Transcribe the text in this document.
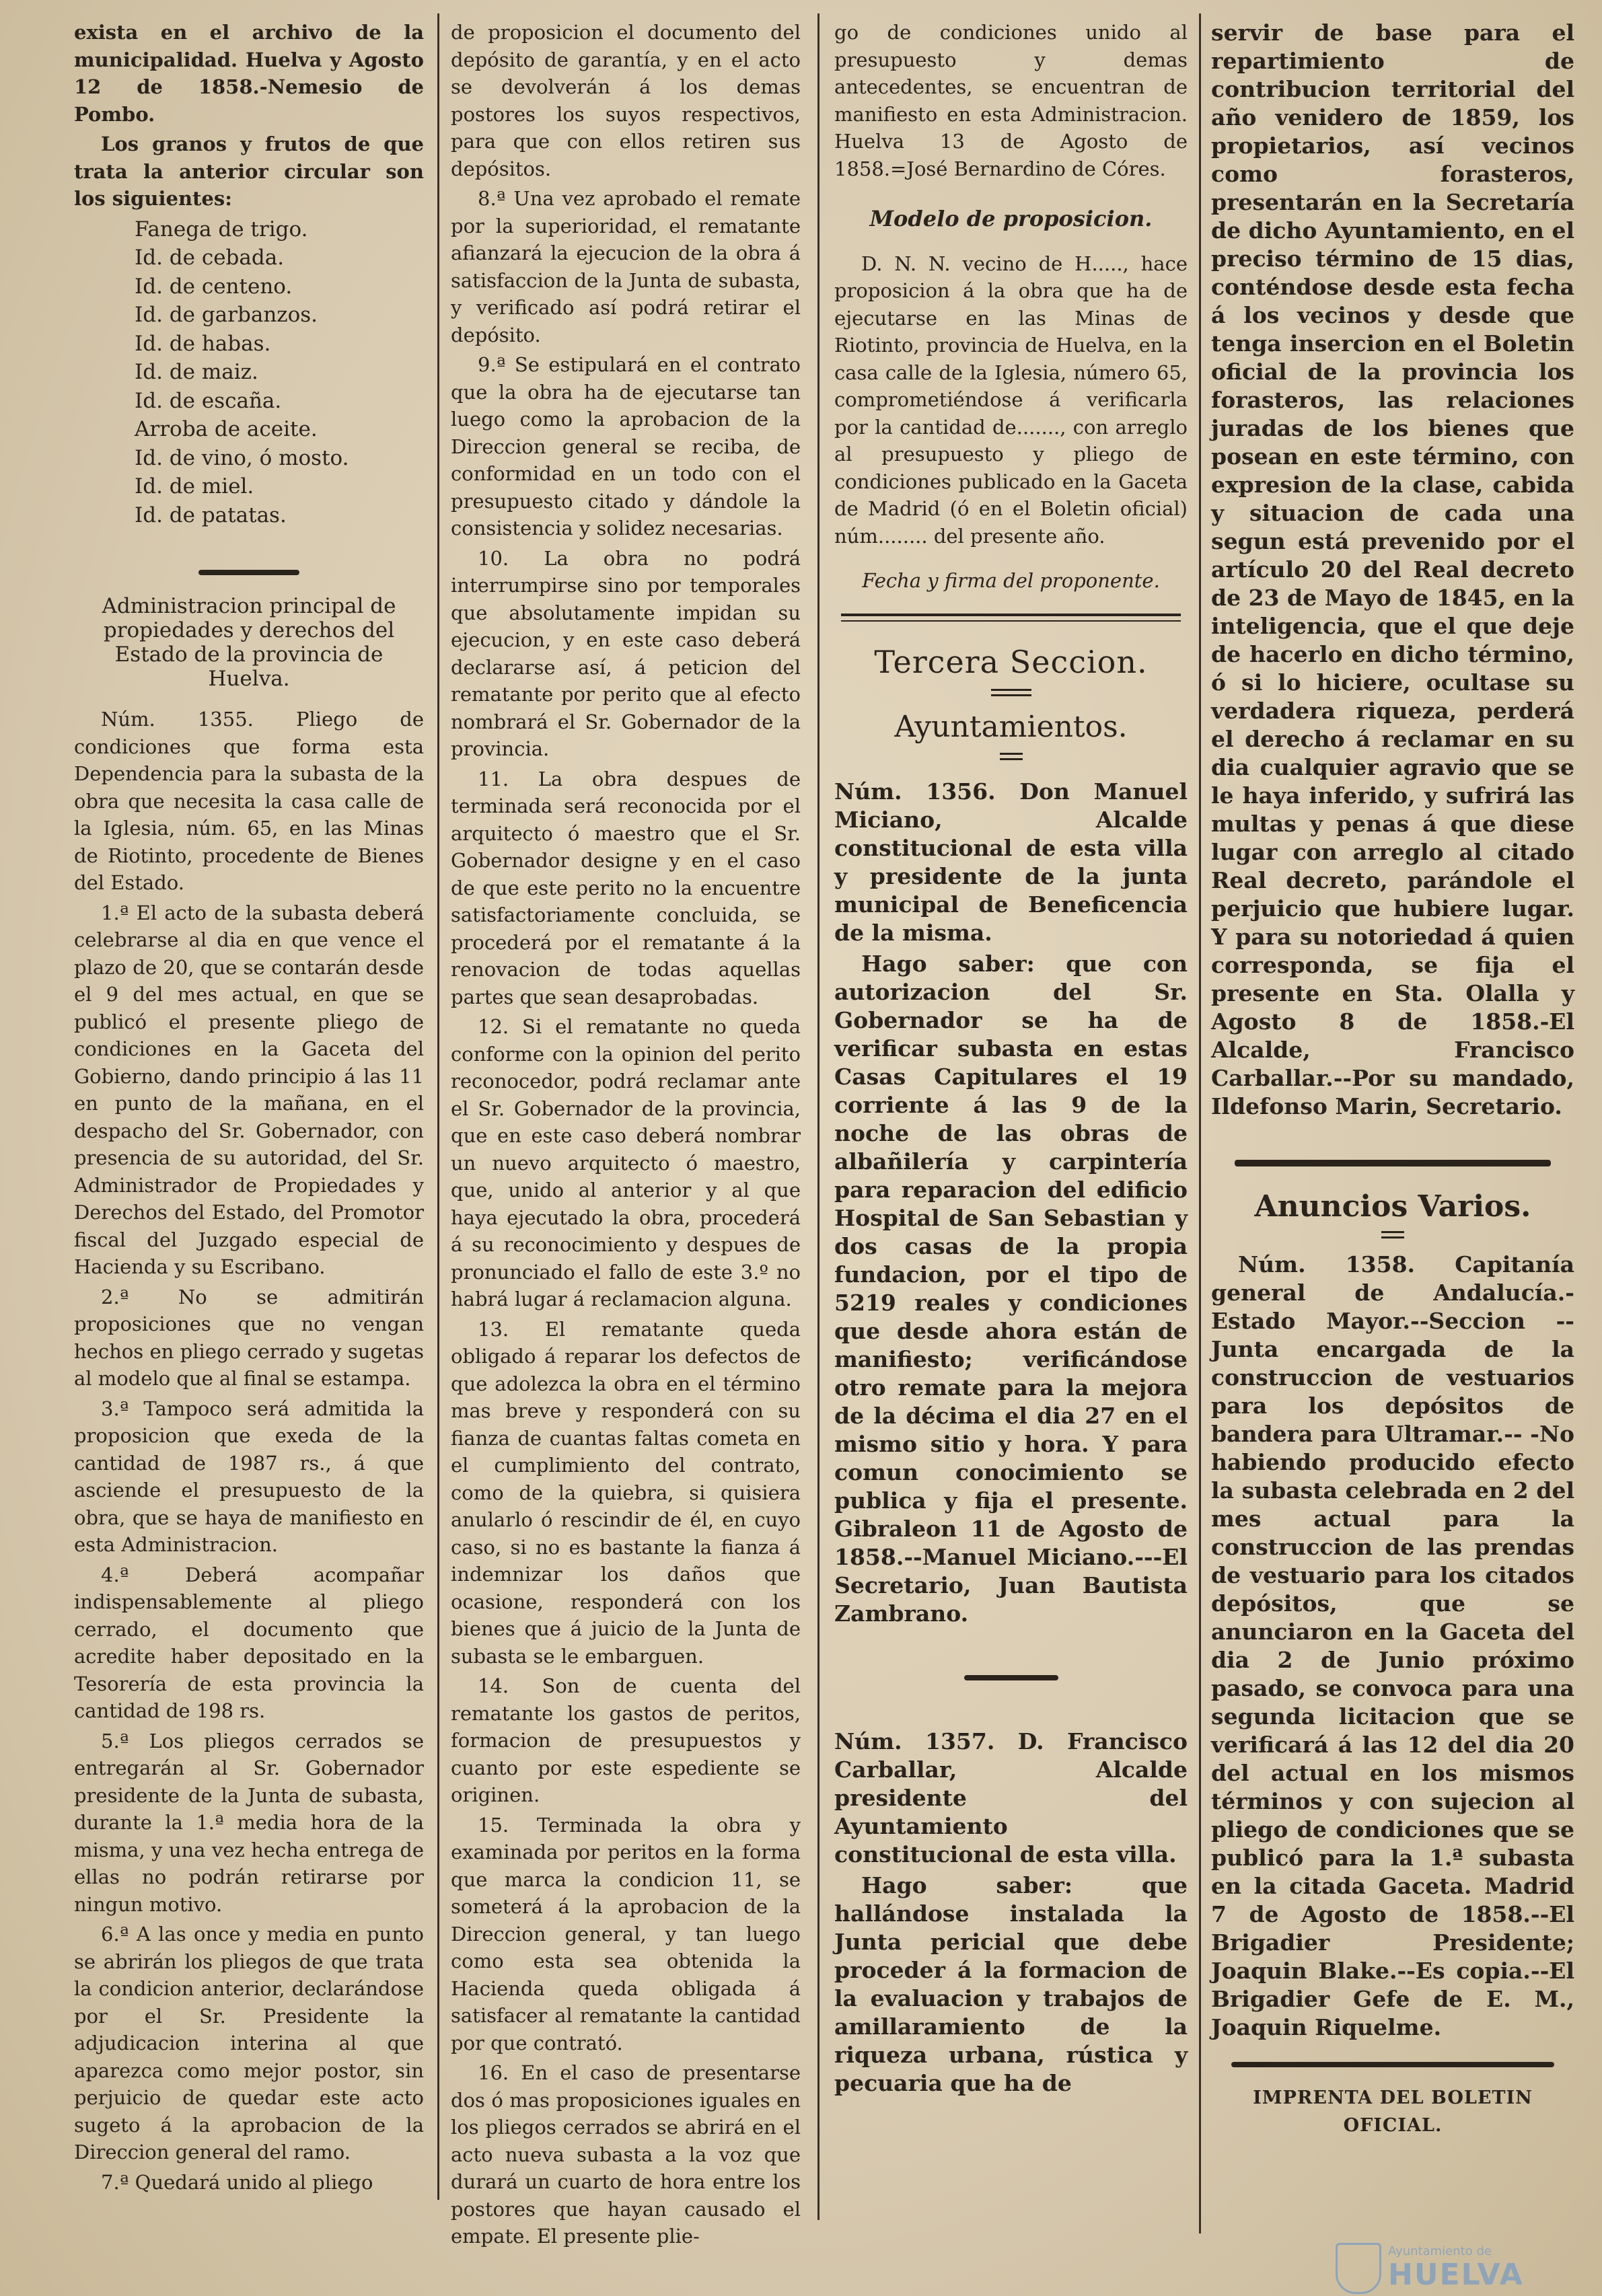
exista en el archivo de la municipalidad. Huelva y Agosto 12 de 1858.-Nemesio de Pombo.

Los granos y frutos de que trata la anterior circular son los siguientes:

Fanega de trigo.
Id. de cebada.
Id. de centeno.
Id. de garbanzos.
Id. de habas.
Id. de maiz.
Id. de escaña.
Arroba de aceite.
Id. de vino, ó mosto.
Id. de miel.
Id. de patatas.

Administracion principal de propiedades y derechos del Estado de la provincia de Huelva.

Núm. 1355. Pliego de condiciones que forma esta Dependencia para la subasta de la obra que necesita la casa calle de la Iglesia, núm. 65, en las Minas de Riotinto, procedente de Bienes del Estado.

1.ª El acto de la subasta deberá celebrarse al dia en que vence el plazo de 20, que se contarán desde el 9 del mes actual, en que se publicó el presente pliego de condiciones en la Gaceta del Gobierno, dando principio á las 11 en punto de la mañana, en el despacho del Sr. Gobernador, con presencia de su autoridad, del Sr. Administrador de Propiedades y Derechos del Estado, del Promotor fiscal del Juzgado especial de Hacienda y su Escribano.

2.ª No se admitirán proposiciones que no vengan hechos en pliego cerrado y sugetas al modelo que al final se estampa.

3.ª Tampoco será admitida la proposicion que exeda de la cantidad de 1987 rs., á que asciende el presupuesto de la obra, que se haya de manifiesto en esta Administracion.

4.ª Deberá acompañar indispensablemente al pliego cerrado, el documento que acredite haber depositado en la Tesorería de esta provincia la cantidad de 198 rs.

5.ª Los pliegos cerrados se entregarán al Sr. Gobernador presidente de la Junta de subasta, durante la 1.ª media hora de la misma, y una vez hecha entrega de ellas no podrán retirarse por ningun motivo.

6.ª A las once y media en punto se abrirán los pliegos de que trata la condicion anterior, declarándose por el Sr. Presidente la adjudicacion interina al que aparezca como mejor postor, sin perjuicio de quedar este acto sugeto á la aprobacion de la Direccion general del ramo.

7.ª Quedará unido al pliego

de proposicion el documento del depósito de garantía, y en el acto se devolverán á los demas postores los suyos respectivos, para que con ellos retiren sus depósitos.

8.ª Una vez aprobado el remate por la superioridad, el rematante afianzará la ejecucion de la obra á satisfaccion de la Junta de subasta, y verificado así podrá retirar el depósito.

9.ª Se estipulará en el contrato que la obra ha de ejecutarse tan luego como la aprobacion de la Direccion general se reciba, de conformidad en un todo con el presupuesto citado y dándole la consistencia y solidez necesarias.

10. La obra no podrá interrumpirse sino por temporales que absolutamente impidan su ejecucion, y en este caso deberá declararse así, á peticion del rematante por perito que al efecto nombrará el Sr. Gobernador de la provincia.

11. La obra despues de terminada será reconocida por el arquitecto ó maestro que el Sr. Gobernador designe y en el caso de que este perito no la encuentre satisfactoriamente concluida, se procederá por el rematante á la renovacion de todas aquellas partes que sean desaprobadas.

12. Si el rematante no queda conforme con la opinion del perito reconocedor, podrá reclamar ante el Sr. Gobernador de la provincia, que en este caso deberá nombrar un nuevo arquitecto ó maestro, que, unido al anterior y al que haya ejecutado la obra, procederá á su reconocimiento y despues de pronunciado el fallo de este 3.º no habrá lugar á reclamacion alguna.

13. El rematante queda obligado á reparar los defectos de que adolezca la obra en el término mas breve y responderá con su fianza de cuantas faltas cometa en el cumplimiento del contrato, como de la quiebra, si quisiera anularlo ó rescindir de él, en cuyo caso, si no es bastante la fianza á indemnizar los daños que ocasione, responderá con los bienes que á juicio de la Junta de subasta se le embarguen.

14. Son de cuenta del rematante los gastos de peritos, formacion de presupuestos y cuanto por este espediente se originen.

15. Terminada la obra y examinada por peritos en la forma que marca la condicion 11, se someterá á la aprobacion de la Direccion general, y tan luego como esta sea obtenida la Hacienda queda obligada á satisfacer al rematante la cantidad por que contrató.

16. En el caso de presentarse dos ó mas proposiciones iguales en los pliegos cerrados se abrirá en el acto nueva subasta a la voz que durará un cuarto de hora entre los postores que hayan causado el empate. El presente plie-

go de condiciones unido al presupuesto y demas antecedentes, se encuentran de manifiesto en esta Administracion. Huelva 13 de Agosto de 1858.=José Bernardino de Córes.

Modelo de proposicion.

D. N. N. vecino de H....., hace proposicion á la obra que ha de ejecutarse en las Minas de Riotinto, provincia de Huelva, en la casa calle de la Iglesia, número 65, comprometiéndose á verificarla por la cantidad de......., con arreglo al presupuesto y pliego de condiciones publicado en la Gaceta de Madrid (ó en el Boletin oficial) núm........ del presente año.

Fecha y firma del proponente.

Tercera Seccion.

Ayuntamientos.

Núm. 1356. Don Manuel Miciano, Alcalde constitucional de esta villa y presidente de la junta municipal de Beneficencia de la misma.

Hago saber: que con autorizacion del Sr. Gobernador se ha de verificar subasta en estas Casas Capitulares el 19 corriente á las 9 de la noche de las obras de albañilería y carpintería para reparacion del edificio Hospital de San Sebastian y dos casas de la propia fundacion, por el tipo de 5219 reales y condiciones que desde ahora están de manifiesto; verificándose otro remate para la mejora de la décima el dia 27 en el mismo sitio y hora. Y para comun conocimiento se publica y fija el presente. Gibraleon 11 de Agosto de 1858.--Manuel Miciano.---El Secretario, Juan Bautista Zambrano.

Núm. 1357. D. Francisco Carballar, Alcalde presidente del Ayuntamiento constitucional de esta villa.

Hago saber: que hallándose instalada la Junta pericial que debe proceder á la formacion de la evaluacion y trabajos de amillaramiento de la riqueza urbana, rústica y pecuaria que ha de

servir de base para el repartimiento de contribucion territorial del año venidero de 1859, los propietarios, así vecinos como forasteros, presentarán en la Secretaría de dicho Ayuntamiento, en el preciso término de 15 dias, conténdose desde esta fecha á los vecinos y desde que tenga insercion en el Boletin oficial de la provincia los forasteros, las relaciones juradas de los bienes que posean en este término, con expresion de la clase, cabida y situacion de cada una segun está prevenido por el artículo 20 del Real decreto de 23 de Mayo de 1845, en la inteligencia, que el que deje de hacerlo en dicho término, ó si lo hiciere, ocultase su verdadera riqueza, perderá el derecho á reclamar en su dia cualquier agravio que se le haya inferido, y sufrirá las multas y penas á que diese lugar con arreglo al citado Real decreto, parándole el perjuicio que hubiere lugar. Y para su notoriedad á quien corresponda, se fija el presente en Sta. Olalla y Agosto 8 de 1858.-El Alcalde, Francisco Carballar.--Por su mandado, Ildefonso Marin, Secretario.

Anuncios Varios.

Núm. 1358. Capitanía general de Andalucía.-Estado Mayor.--Seccion --Junta encargada de la construccion de vestuarios para los depósitos de bandera para Ultramar.-- -No habiendo producido efecto la subasta celebrada en 2 del mes actual para la construccion de las prendas de vestuario para los citados depósitos, que se anunciaron en la Gaceta del dia 2 de Junio próximo pasado, se convoca para una segunda licitacion que se verificará á las 12 del dia 20 del actual en los mismos términos y con sujecion al pliego de condiciones que se publicó para la 1.ª subasta en la citada Gaceta. Madrid 7 de Agosto de 1858.--El Brigadier Presidente; Joaquin Blake.--Es copia.--El Brigadier Gefe de E. M., Joaquin Riquelme.

IMPRENTA DEL BOLETIN OFICIAL.

Ayuntamiento de
HUELVA
